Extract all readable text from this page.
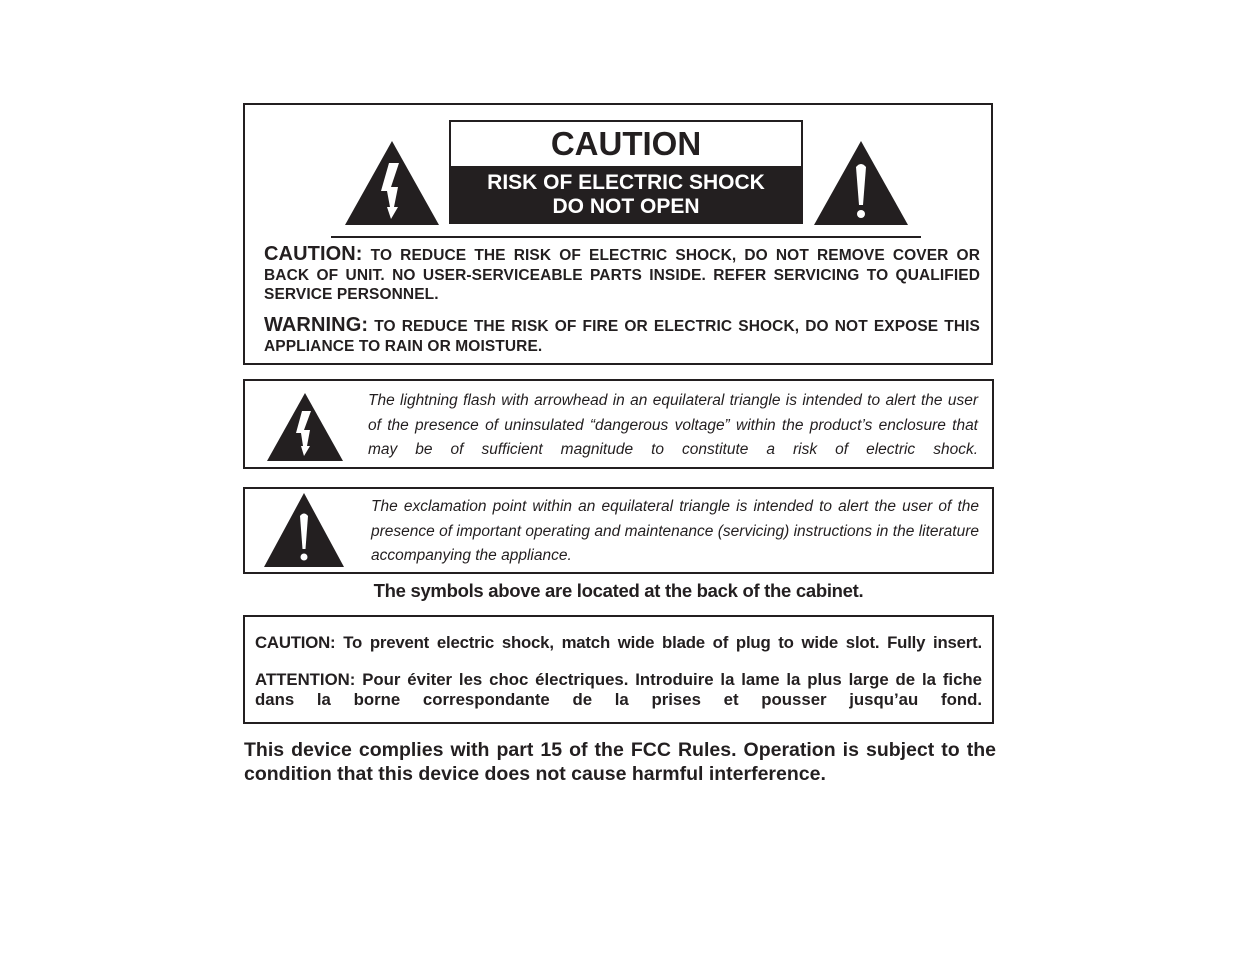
CAUTION
RISK OF ELECTRIC SHOCK
DO NOT OPEN
CAUTION: TO REDUCE THE RISK OF ELECTRIC SHOCK, DO NOT REMOVE COVER OR BACK OF UNIT. NO USER-SERVICEABLE PARTS INSIDE. REFER SERVICING TO QUALIFIED SERVICE PERSONNEL.
WARNING: TO REDUCE THE RISK OF FIRE OR ELECTRIC SHOCK, DO NOT EXPOSE THIS APPLIANCE TO RAIN OR MOISTURE.
The lightning flash with arrowhead in an equilateral triangle is intended to alert the user of the presence of uninsulated “dangerous voltage” within the product’s enclosure that may be of sufficient magnitude to constitute a risk of electric shock.
The exclamation point within an equilateral triangle is intended to alert the user of the presence of important operating and maintenance (servicing) instructions in the literature accompanying the appliance.
The symbols above are located at the back of the cabinet.
CAUTION: To prevent electric shock, match wide blade of plug to wide slot. Fully insert.
ATTENTION: Pour éviter les choc électriques. Introduire la lame la plus large de la fiche dans la borne correspondante de la prises et pousser jusqu’au fond.
This device complies with part 15 of the FCC Rules. Operation is subject to the condition that this device does not cause harmful interference.
